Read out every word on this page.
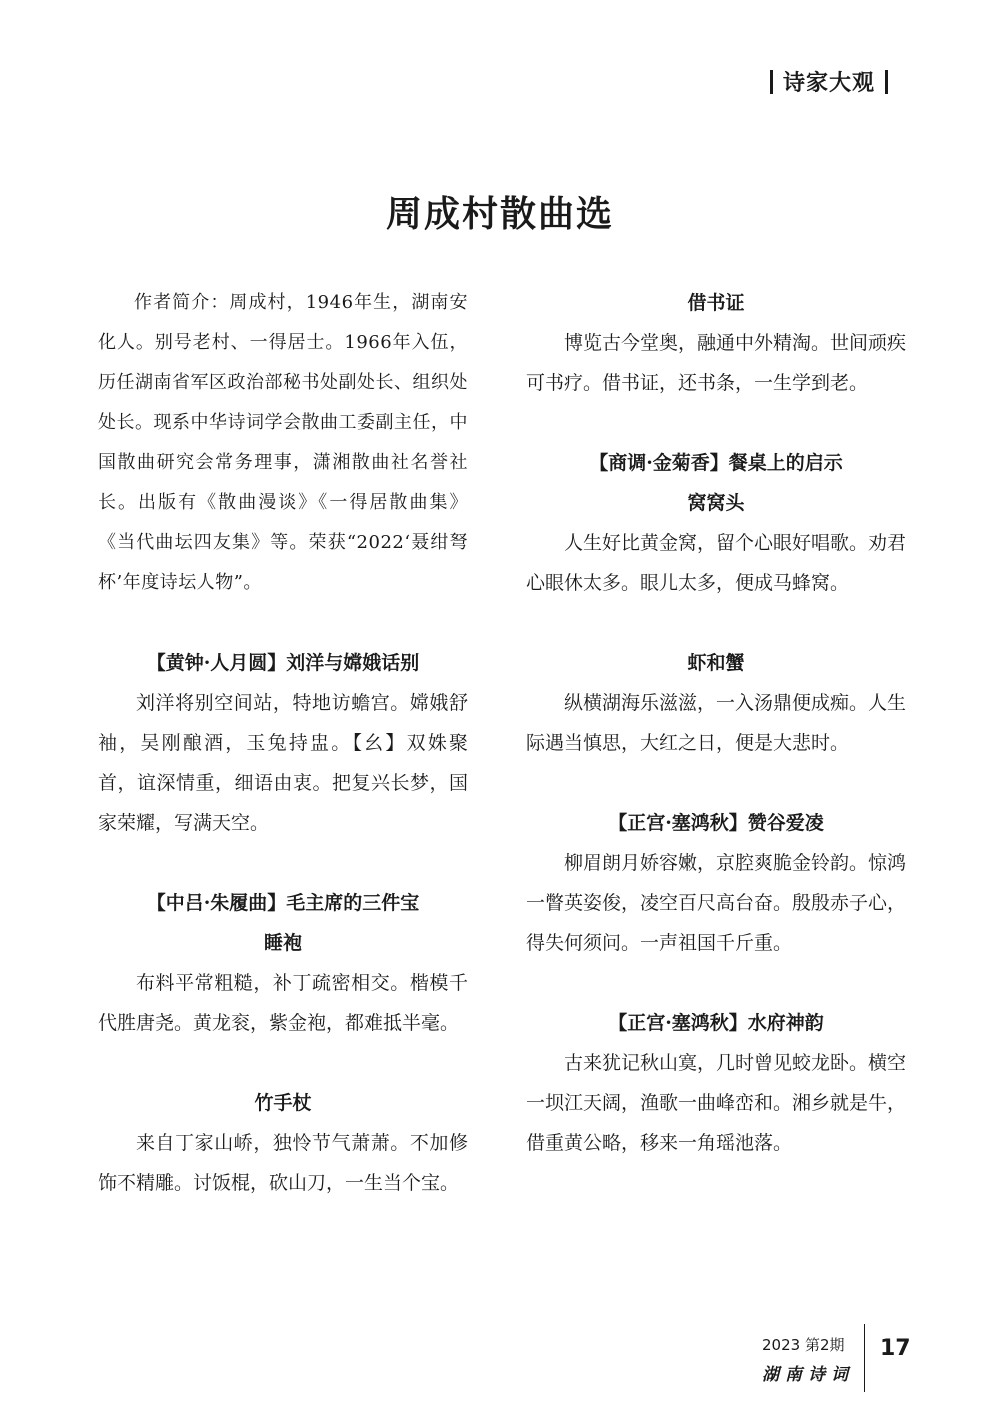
诗家大观
周成村散曲选

作者简介：周成村，1946年生，湖南安化人。别号老村、一得居士。1966年入伍，历任湖南省军区政治部秘书处副处长、组织处处长。现系中华诗词学会散曲工委副主任，中国散曲研究会常务理事，潇湘散曲社名誉社长。出版有《散曲漫谈》《一得居散曲集》《当代曲坛四友集》等。荣获“2022‘聂绀弩杯’年度诗坛人物”。

【黄钟·人月圆】刘洋与嫦娥话别

刘洋将别空间站，特地访蟾宫。嫦娥舒袖，吴刚酿酒，玉兔持盅。【幺】双姝聚首，谊深情重，细语由衷。把复兴长梦，国家荣耀，写满天空。

【中吕·朱履曲】毛主席的三件宝

睡袍

布料平常粗糙，补丁疏密相交。楷模千代胜唐尧。黄龙衮，紫金袍，都难抵半毫。

竹手杖

来自丁家山峤，独怜节气萧萧。不加修饰不精雕。讨饭棍，砍山刀，一生当个宝。

借书证

博览古今堂奥，融通中外精淘。世间顽疾可书疗。借书证，还书条，一生学到老。

【商调·金菊香】餐桌上的启示

窝窝头

人生好比黄金窝，留个心眼好唱歌。劝君心眼休太多。眼儿太多，便成马蜂窝。

虾和蟹

纵横湖海乐滋滋，一入汤鼎便成痴。人生际遇当慎思，大红之日，便是大悲时。

【正宫·塞鸿秋】赞谷爱凌

柳眉朗月娇容嫩，京腔爽脆金铃韵。惊鸿一瞥英姿俊，凌空百尺高台奋。殷殷赤子心，得失何须问。一声祖国千斤重。

【正宫·塞鸿秋】水府神韵

古来犹记秋山寞，几时曾见蛟龙卧。横空一坝江天阔，渔歌一曲峰峦和。湘乡就是牛，借重黄公略，移来一角瑶池落。

2023 第2期
湖南诗词
17
